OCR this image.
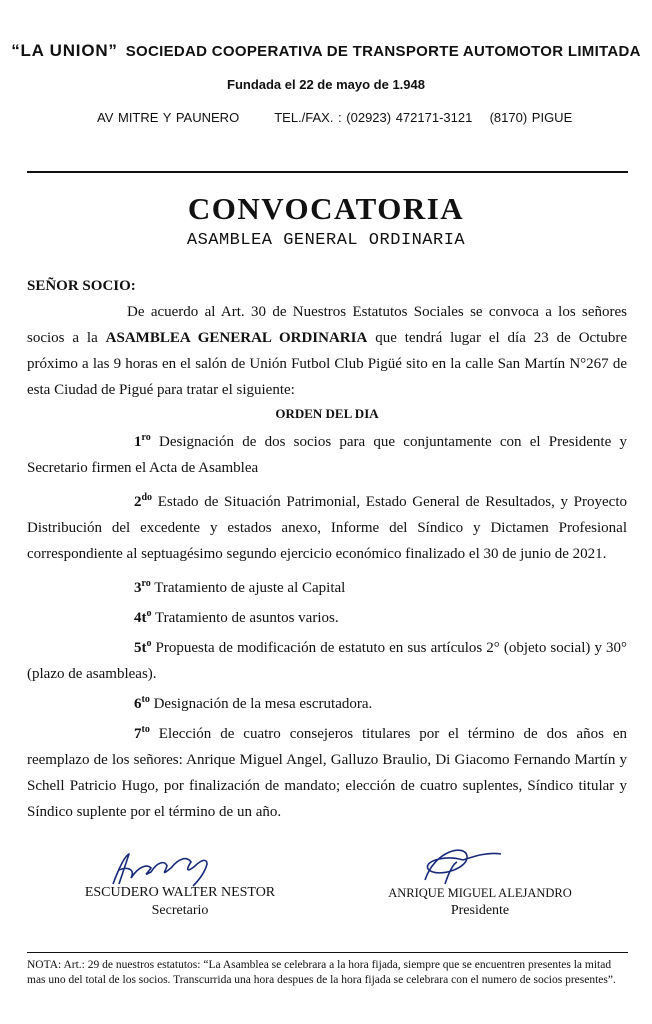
“LA UNION” SOCIEDAD COOPERATIVA DE TRANSPORTE AUTOMOTOR LIMITADA
Fundada el 22 de mayo de 1.948
AV MITRE Y PAUNERO	TEL./FAX. : (02923) 472171-3121 (8170) PIGUE
CONVOCATORIA
ASAMBLEA GENERAL ORDINARIA
SEÑOR SOCIO:

De acuerdo al Art. 30 de Nuestros Estatutos Sociales se convoca a los señores socios a la ASAMBLEA GENERAL ORDINARIA que tendrá lugar el día 23 de Octubre próximo a las 9 horas en el salón de Unión Futbol Club Pigüé sito en la calle San Martín N°267 de esta Ciudad de Pigué para tratar el siguiente:

ORDEN DEL DIA

$1^{ro}$ Designación de dos socios para que conjuntamente con el Presidente y Secretario firmen el Acta de Asamblea

$2^{do}$ Estado de Situación Patrimonial, Estado General de Resultados, y Proyecto Distribución del excedente y estados anexo, Informe del Síndico y Dictamen Profesional correspondiente al septuagésimo segundo ejercicio económico finalizado el 30 de junio de 2021.

$3^{ro}$ Tratamiento de ajuste al Capital

$4t^o$ Tratamiento de asuntos varios.

$5t^o$ Propuesta de modificación de estatuto en sus artículos 2° (objeto social) y 30° (plazo de asambleas).

$6^{to}$ Designación de la mesa escrutadora.

$7^{to}$ Elección de cuatro consejeros titulares por el término de dos años en reemplazo de los señores: Anrique Miguel Angel, Galluzo Braulio, Di Giacomo Fernando Martín y Schell Patricio Hugo, por finalización de mandato; elección de cuatro suplentes, Síndico titular y Síndico suplente por el término de un año.

ESCUDERO WALTER NESTOR
Secretario
ANRIQUE MIGUEL ALEJANDRO
Presidente
NOTA: Art.: 29 de nuestros estatutos: “La Asamblea se celebrara a la hora fijada, siempre que se encuentren presentes la mitad mas uno del total de los socios. Transcurrida una hora despues de la hora fijada se celebrara con el numero de socios presentes”.
